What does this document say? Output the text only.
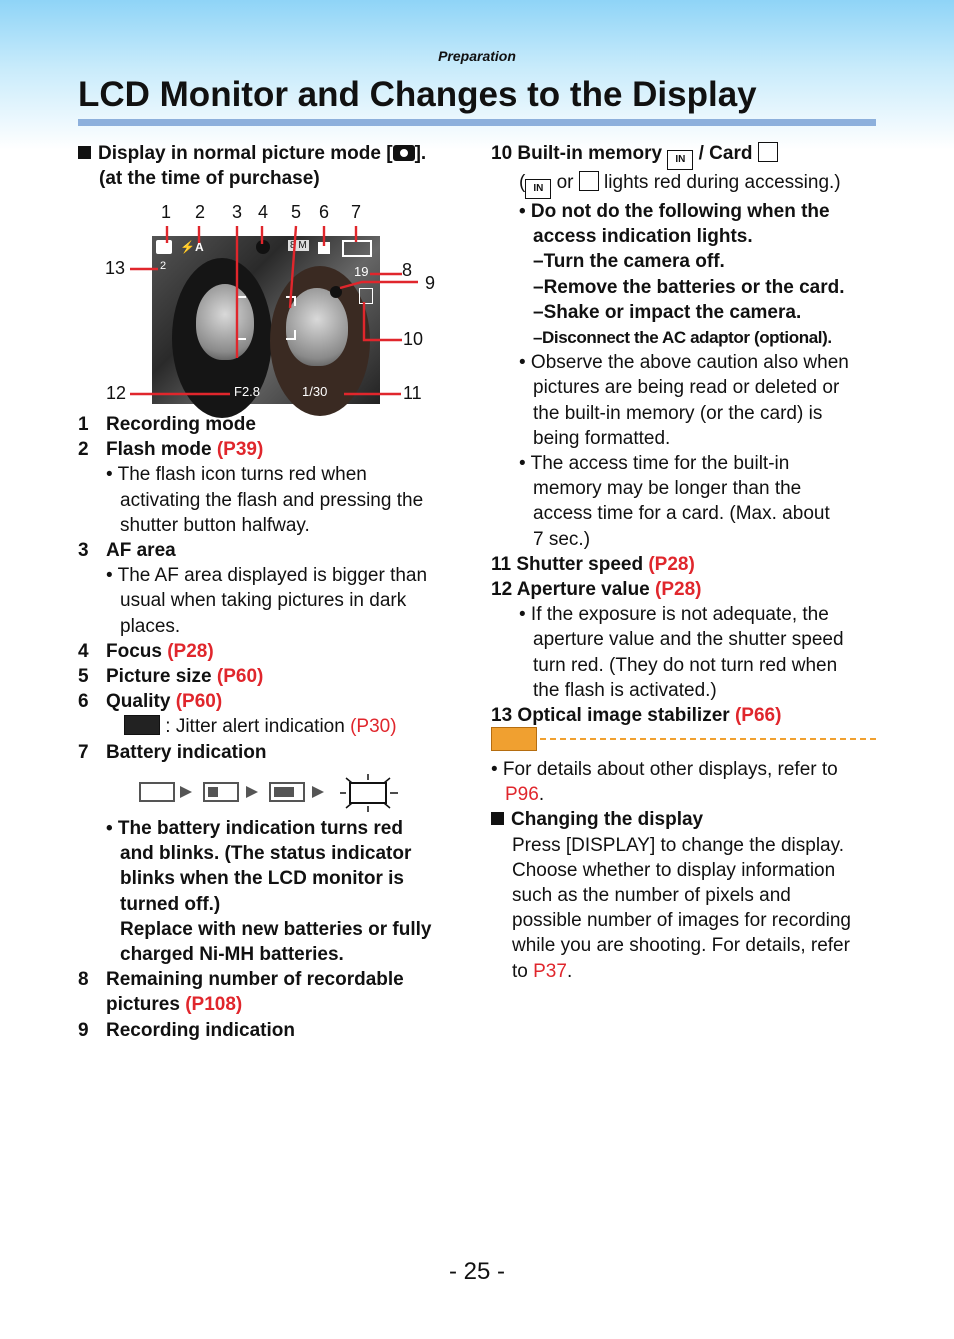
Preparation
LCD Monitor and Changes to the Display

Display in normal picture mode [ ].

(at the time of purchase)

1 2 3 4 5 6 7
8
9
10
11
12
13
⚡A
2
8 M
19
F2.8	1/30

1 Recording mode

2 Flash mode (P39)

• The flash icon turns red when

activating the flash and pressing the

shutter button halfway.

3 AF area

• The AF area displayed is bigger than

usual when taking pictures in dark

places.

4 Focus (P28)

5 Picture size (P60)

6 Quality (P60)

: Jitter alert indication (P30)

7 Battery indication

• The battery indication turns red

and blinks. (The status indicator

blinks when the LCD monitor is

turned off.)

Replace with new batteries or fully

charged Ni-MH batteries.

8 Remaining number of recordable

pictures (P108)

9 Recording indication

10 Built-in memory IN / Card

( IN or  lights red during accessing.)

• Do not do the following when the

access indication lights.

–Turn the camera off.

–Remove the batteries or the card.

–Shake or impact the camera.

–Disconnect the AC adaptor (optional).

• Observe the above caution also when

pictures are being read or deleted or

the built-in memory (or the card) is

being formatted.

• The access time for the built-in

memory may be longer than the

access time for a card. (Max. about

7 sec.)

11 Shutter speed (P28)

12 Aperture value (P28)

• If the exposure is not adequate, the

aperture value and the shutter speed

turn red. (They do not turn red when

the flash is activated.)

13 Optical image stabilizer (P66)

• For details about other displays, refer to

P96.

Changing the display

Press [DISPLAY] to change the display.

Choose whether to display information

such as the number of pixels and

possible number of images for recording

while you are shooting. For details, refer

to P37.

- 25 -
